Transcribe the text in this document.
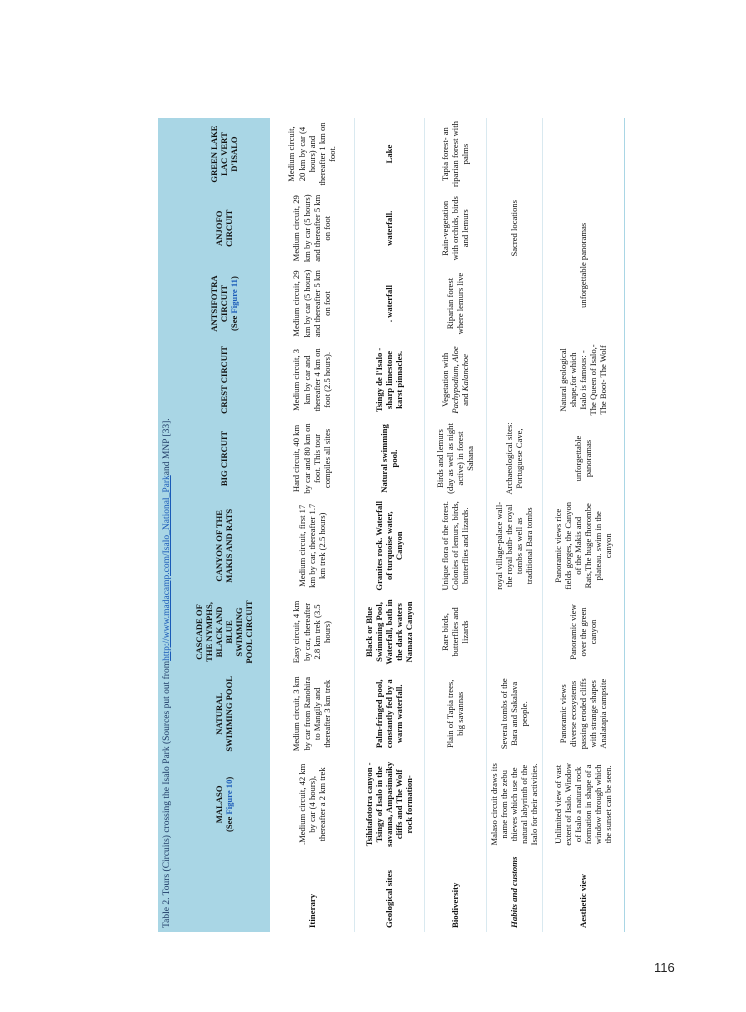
Table 2. Tours (Circuits) crossing the Isalo Park (Sources put out from
http://www.madacamp.com/Isalo_National_Park
and MNP [33].
	MALASO
(See Figure 10)	NATURAL SWIMMING POOL	CASCADE OF THE NYMPHS, BLACK AND BLUE SWIMMING POOL CIRCUIT	CANYON OF THE MAKIS AND RATS	BIG CIRCUIT	CREST CIRCUIT	ANTSIFOTRA CIRCUIT
(See Figure 11)	ANJOFO CIRCUIT	GREEN LAKE LAC VERT D'ISALO
Itinerary	.Medium circuit, 42 km by car (4 hours), thereafter a 2 km trek	Medium circuit, 3 km by car from Ranohira to Mangily and thereafter 3 km trek	Easy circuit, 4 km by car, thereafter 2.8 km trek (3.5 hours)	Medium circuit, first 17 km by car, thereafter 1.7 km trek (2.5 hours)	Hard circuit, 40 km by car and 80 km on foot. This tour compiles all sites	Medium circuit, 3 km by car and thereafter 4 km on foot (2.5 hours).	Medium circuit, 29 km by car (5 hours) and thereafter 5 km on foot	Medium circuit, 29 km by car (5 hours) and thereafter 5 km on foot	Medium circuit, 20 km by car (4 hours) and thereafter 1 km on foot.
Geological sites	Tsihitafototra canyon -Tsingy of Isalo in the savanna, Ampasimaiky cliffs and The Wolf rock formation-	Palm-fringed pool, constantly fed by a warm waterfall.	Black or Blue Swimming Pool, Waterfall, bath in the dark waters Namaza Canyon	Granites rock. Waterfall of turquoise water, Canyon	Natural swimming pool.	Tsingy de l'Isalo - sharp limestone karst pinnacles.	. waterfall	waterfall.	Lake
Biodiversity		Plain of Tapia trees, big savannas	Rare birds, butterflies and lizards	Unique flora of the forest. Colonies of lemurs, birds, butterflies and lizards.	Birds and lemurs (day as well as night active) in forest Sahana	Vegetation with Pachypodium, Aloe and Kalanchoe	Riparian forest where lemurs live	Rain-vegetation with orchids, birds and lemurs	Tapia forest- an riparian forest with palms
Habits and customs	Malaso circuit draws its name from the zebu thieves which use the natural labyrinth of the Isalo for their activities.	Several tombs of the Bara and Sakalava people.		royal village-palace wall- the royal bath- the royal tombs as well as traditional Bara tombs	Archaeological sites: Portuguese Cave,			Sacred locations	
Aesthetic view	Unlimited view of vast extent of Isalo. Window of Isalo a natural rock formation in shape of a window through which the sunset can be seen.	Panoramic views diverse ecosystems passing eroded cliffs with strange shapes Analatapia campsite	Panoramic view over the green canyon	Panoramic views rice fields gorges, the Canyon of the Makis and Rats,The huge fhorombe plateau. swim in the canyon	unforgettable panoramas	Natural geological shape,for which Isalo is famous: -The Queen of Isalo,- The Boot- The Wolf	unforgettable panoramas		
116
